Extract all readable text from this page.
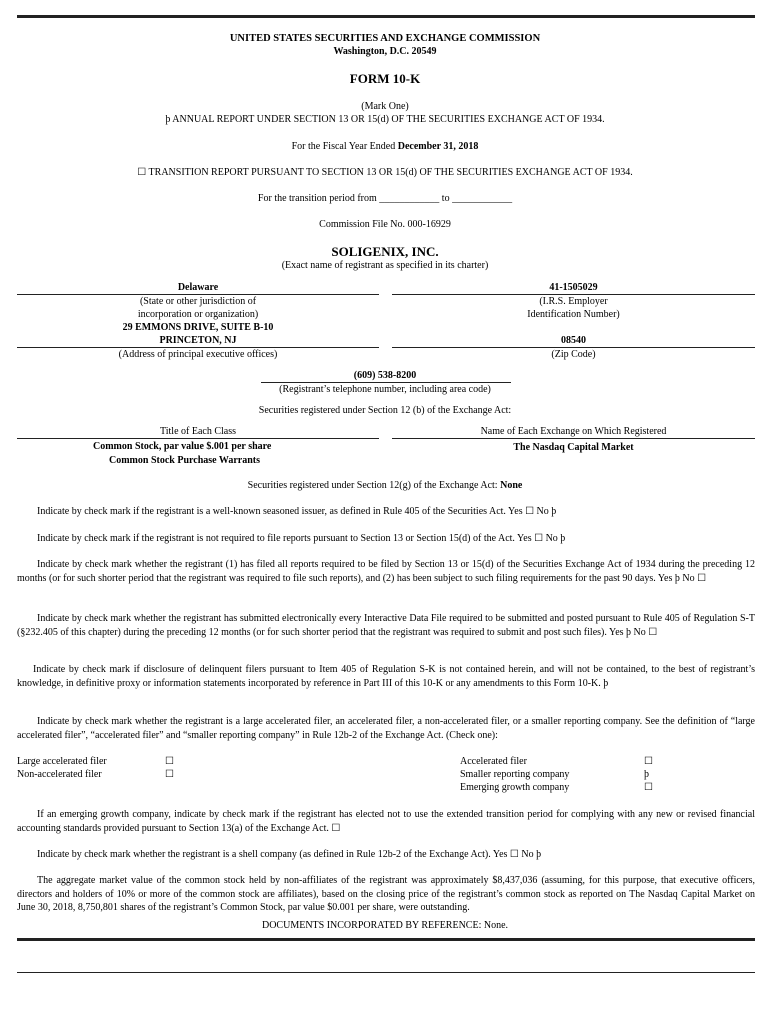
UNITED STATES SECURITIES AND EXCHANGE COMMISSION
Washington, D.C. 20549
FORM 10-K
(Mark One)
þ ANNUAL REPORT UNDER SECTION 13 OR 15(d) OF THE SECURITIES EXCHANGE ACT OF 1934.
For the Fiscal Year Ended December 31, 2018
☐ TRANSITION REPORT PURSUANT TO SECTION 13 OR 15(d) OF THE SECURITIES EXCHANGE ACT OF 1934.
For the transition period from ____________ to ____________
Commission File No. 000-16929
SOLIGENIX, INC.
(Exact name of registrant as specified in its charter)
Delaware
(State or other jurisdiction of
incorporation or organization)
29 EMMONS DRIVE, SUITE B-10
PRINCETON, NJ
(Address of principal executive offices)
41-1505029
(I.R.S. Employer
Identification Number)
08540
(Zip Code)
(609) 538-8200
(Registrant’s telephone number, including area code)
Securities registered under Section 12 (b) of the Exchange Act:
Title of Each Class	Name of Each Exchange on Which Registered
Common Stock, par value $.001 per share
Common Stock Purchase Warrants
The Nasdaq Capital Market
Securities registered under Section 12(g) of the Exchange Act: None
Indicate by check mark if the registrant is a well-known seasoned issuer, as defined in Rule 405 of the Securities Act. Yes ☐ No þ
Indicate by check mark if the registrant is not required to file reports pursuant to Section 13 or Section 15(d) of the Act. Yes ☐ No þ
Indicate by check mark whether the registrant (1) has filed all reports required to be filed by Section 13 or 15(d) of the Securities Exchange Act of 1934 during the preceding 12 months (or for such shorter period that the registrant was required to file such reports), and (2) has been subject to such filing requirements for the past 90 days. Yes þ No ☐
Indicate by check mark whether the registrant has submitted electronically every Interactive Data File required to be submitted and posted pursuant to Rule 405 of Regulation S-T (§232.405 of this chapter) during the preceding 12 months (or for such shorter period that the registrant was required to submit and post such files). Yes þ No ☐
Indicate by check mark if disclosure of delinquent filers pursuant to Item 405 of Regulation S-K is not contained herein, and will not be contained, to the best of registrant’s knowledge, in definitive proxy or information statements incorporated by reference in Part III of this 10-K or any amendments to this Form 10-K. þ
Indicate by check mark whether the registrant is a large accelerated filer, an accelerated filer, a non-accelerated filer, or a smaller reporting company. See the definition of “large accelerated filer”, “accelerated filer” and “smaller reporting company” in Rule 12b-2 of the Exchange Act. (Check one):
Large accelerated filer	☐
Non-accelerated filer	☐
Accelerated filer	☐
Smaller reporting company	þ
Emerging growth company	☐
If an emerging growth company, indicate by check mark if the registrant has elected not to use the extended transition period for complying with any new or revised financial accounting standards provided pursuant to Section 13(a) of the Exchange Act. ☐
Indicate by check mark whether the registrant is a shell company (as defined in Rule 12b-2 of the Exchange Act). Yes ☐ No þ
The aggregate market value of the common stock held by non-affiliates of the registrant was approximately $8,437,036 (assuming, for this purpose, that executive officers, directors and holders of 10% or more of the common stock are affiliates), based on the closing price of the registrant’s common stock as reported on The Nasdaq Capital Market on June 30, 2018, 8,750,801 shares of the registrant’s Common Stock, par value $0.001 per share, were outstanding.
DOCUMENTS INCORPORATED BY REFERENCE: None.
